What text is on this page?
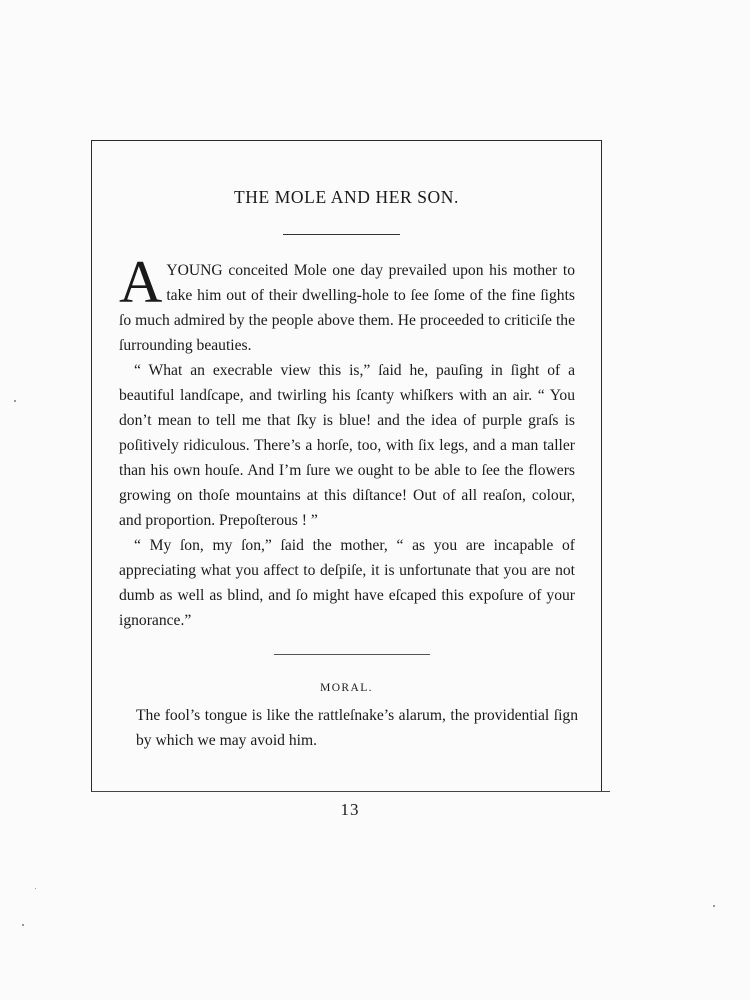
THE MOLE AND HER SON.

AYOUNG conceited Mole one day prevailed upon his mother to take him out of their dwelling-hole to ſee ſome of the fine ſights ſo much admired by the people above them. He proceeded to criticiſe the ſurrounding beauties.

“ What an execrable view this is,” ſaid he, pauſing in ſight of a beautiful landſcape, and twirling his ſcanty whiſkers with an air. “ You don’t mean to tell me that ſky is blue! and the idea of purple graſs is poſitively ridiculous. There’s a horſe, too, with ſix legs, and a man taller than his own houſe. And I’m ſure we ought to be able to ſee the flowers growing on thoſe mountains at this diſtance! Out of all reaſon, colour, and proportion. Prepoſterous ! ”

“ My ſon, my ſon,” ſaid the mother, “ as you are incapable of appreciating what you affect to deſpiſe, it is unfortunate that you are not dumb as well as blind, and ſo might have eſcaped this expoſure of your ignorance.”

MORAL.
The fool’s tongue is like the rattleſnake’s alarum, the providential ſign by which we may avoid him.
13
